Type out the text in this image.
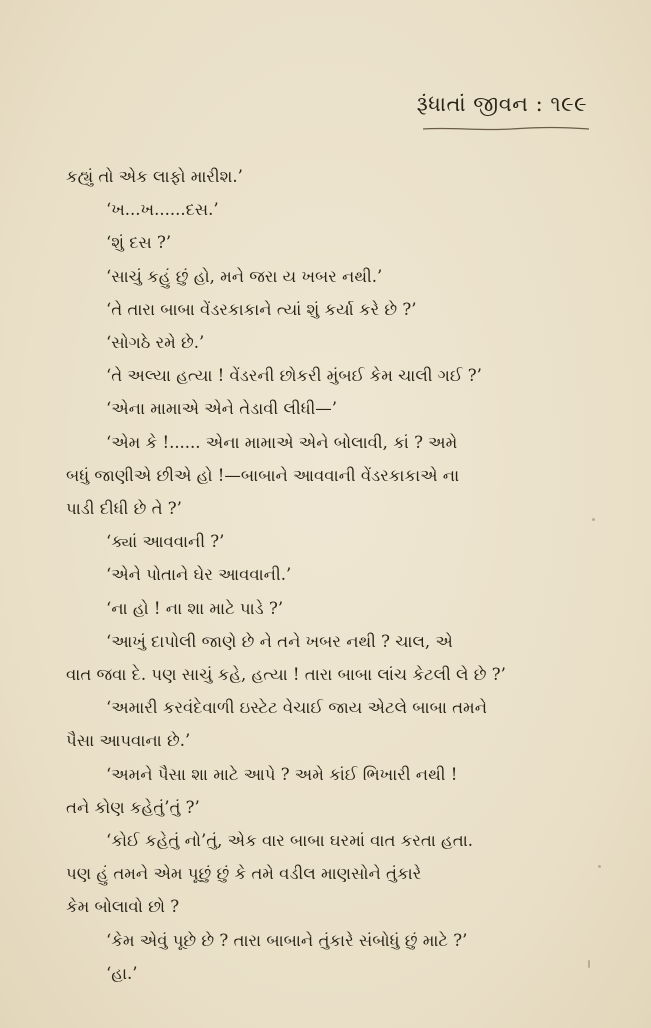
રૂંધાતાં જીવન : ૧૯૯

કહ્યું તો એક લાફો મારીશ.’

‘ખ...ખ......દસ.’

‘શું દસ ?’

‘સાચું કહું છું હો, મને જરા ય ખબર નથી.’

‘તે તારા બાબા વેંડરકાકાને ત્યાં શું કર્યા કરે છે ?’

‘સોગઠે રમે છે.’

‘તે અલ્યા હત્યા ! વેંડરની છોકરી મુંબઈ કેમ ચાલી ગઈ ?’

‘એના મામાએ એને તેડાવી લીધી—’

‘એમ કે !...... એના મામાએ એને બોલાવી, કાં ? અમે

બધું જાણીએ છીએ હો !—બાબાને આવવાની વેંડરકાકાએ ના

પાડી દીધી છે તે ?’

‘ક્યાં આવવાની ?’

‘એને પોતાને ઘેર આવવાની.’

‘ના હો ! ના શા માટે પાડે ?’

‘આખું દાપોલી જાણે છે ને તને ખબર નથી ? ચાલ, એ

વાત જવા દે. પણ સાચું કહે, હત્યા ! તારા બાબા લાંચ કેટલી લે છે ?’

‘અમારી કરવંદેવાળી ઇસ્ટેટ વેચાઈ જાય એટલે બાબા તમને

પૈસા આપવાના છે.’

‘અમને પૈસા શા માટે આપે ? અમે કાંઈ ભિખારી નથી !

તને કોણ કહેતું’તું ?’

‘કોઈ કહેતું નો’તું, એક વાર બાબા ઘરમાં વાત કરતા હતા.

પણ હું તમને એમ પૂછું છું કે તમે વડીલ માણસોને તુંકારે

કેમ બોલાવો છો ?

‘કેમ એવું પૂછે છે ? તારા બાબાને તુંકારે સંબોધું છું માટે ?’

‘હા.’
